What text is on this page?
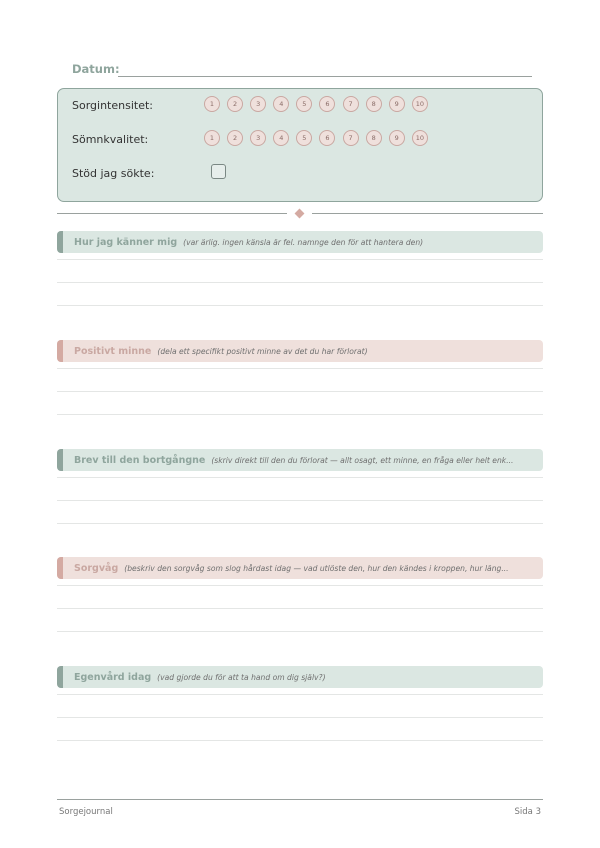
Datum:
Sorgintensitet:	1	2	3	4	5	6	7	8	9	10
Sömnkvalitet:	1	2	3	4	5	6	7	8	9	10
Stöd jag sökte:
Hur jag känner mig (var ärlig. ingen känsla är fel. namnge den för att hantera den)
Positivt minne (dela ett specifikt positivt minne av det du har förlorat)
Brev till den bortgångne (skriv direkt till den du förlorat — allt osagt, ett minne, en fråga eller helt enk...
Sorgvåg (beskriv den sorgvåg som slog hårdast idag — vad utlöste den, hur den kändes i kroppen, hur läng...
Egenvård idag (vad gjorde du för att ta hand om dig själv?)
Sorgejournal	Sida 3
